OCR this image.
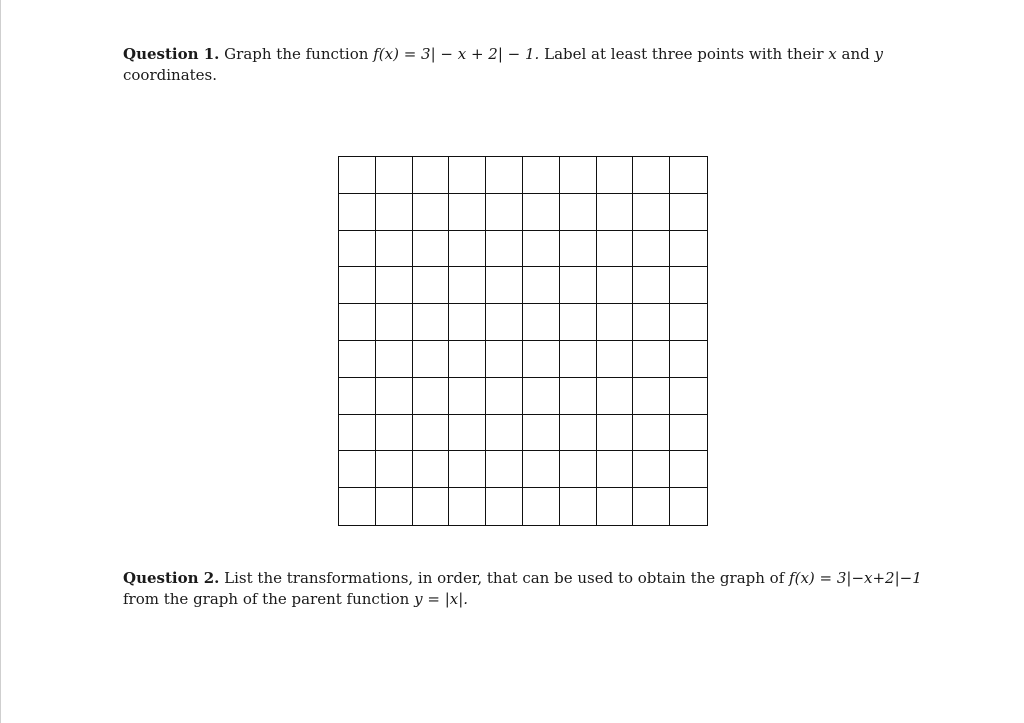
Question 1. Graph the function f(x) = 3| − x + 2| − 1. Label at least three points with their x and y coordinates.
Question 2. List the transformations, in order, that can be used to obtain the graph of f(x) = 3|−x+2|−1 from the graph of the parent function y = |x|.
